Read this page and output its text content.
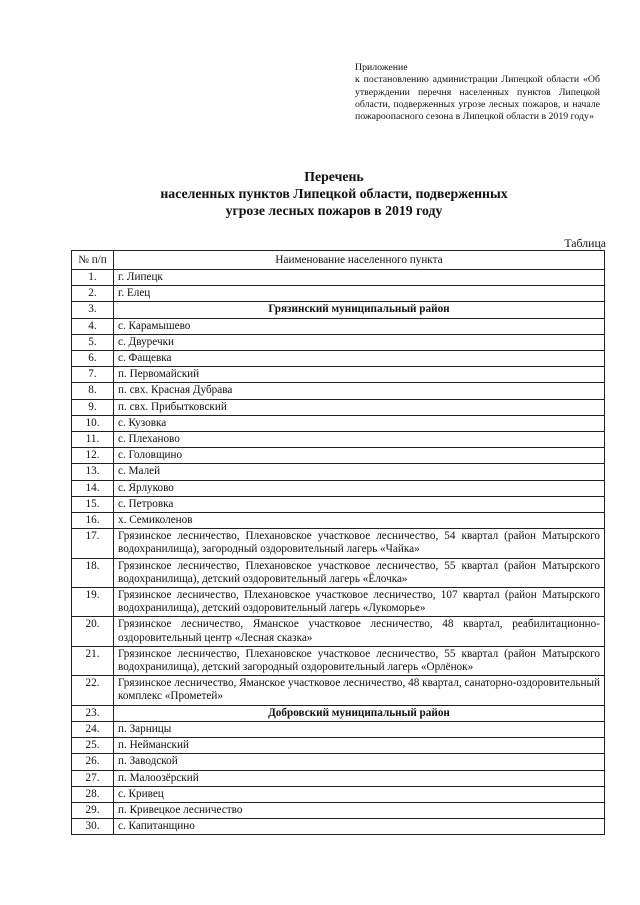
Приложение
к постановлению администрации Липецкой области «Об утверждении перечня населенных пунктов Липецкой области, подверженных угрозе лесных пожаров, и начале пожароопасного сезона в Липецкой области в 2019 году»
Перечень
населенных пунктов Липецкой области, подверженных
угрозе лесных пожаров в 2019 году
Таблица
№ п/п	Наименование населенного пункта
1.	г. Липецк
2.	г. Елец
3.	Грязинский муниципальный район
4.	с. Карамышево
5.	с. Двуречки
6.	с. Фащевка
7.	п. Первомайский
8.	п. свх. Красная Дубрава
9.	п. свх. Прибытковский
10.	с. Кузовка
11.	с. Плеханово
12.	с. Головщино
13.	с. Малей
14.	с. Ярлуково
15.	с. Петровка
16.	х. Семиколенов
17.	Грязинское лесничество, Плехановское участковое лесничество, 54 квартал (район Матырского водохранилища), загородный оздоровительный лагерь «Чайка»
18.	Грязинское лесничество, Плехановское участковое лесничество, 55 квартал (район Матырского водохранилища), детский оздоровительный лагерь «Ёлочка»
19.	Грязинское лесничество, Плехановское участковое лесничество, 107 квартал (район Матырского водохранилища), детский оздоровительный лагерь «Лукоморье»
20.	Грязинское лесничество, Яманское участковое лесничество, 48 квартал, реабилитационно-оздоровительный центр «Лесная сказка»
21.	Грязинское лесничество, Плехановское участковое лесничество, 55 квартал (район Матырского водохранилища), детский загородный оздоровительный лагерь «Орлёнок»
22.	Грязинское лесничество, Яманское участковое лесничество, 48 квартал, санаторно-оздоровительный комплекс «Прометей»
23.	Добровский муниципальный район
24.	п. Зарницы
25.	п. Нейманский
26.	п. Заводской
27.	п. Малоозёрский
28.	с. Кривец
29.	п. Кривецкое лесничество
30.	с. Капитанщино
